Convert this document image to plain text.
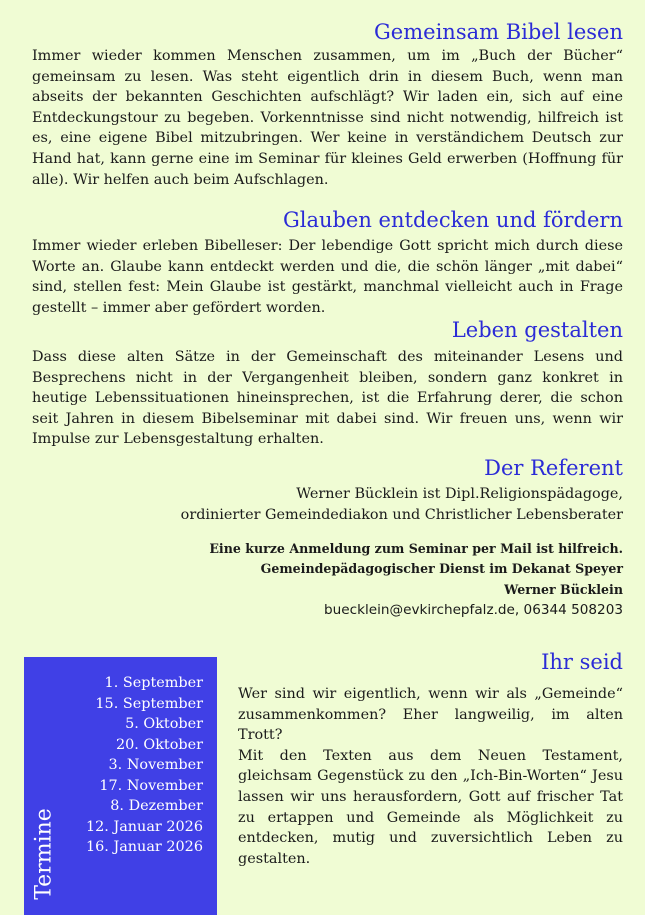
Gemeinsam Bibel lesen

Immer wieder kommen Menschen zusammen, um im „Buch der Bücher“ gemeinsam zu lesen. Was steht eigentlich drin in diesem Buch, wenn man abseits der bekannten Geschichten aufschlägt? Wir laden ein, sich auf eine Entdeckungstour zu begeben. Vorkenntnisse sind nicht notwendig, hilfreich ist es, eine eigene Bibel mitzubringen. Wer keine in verständichem Deutsch zur Hand hat, kann gerne eine im Seminar für kleines Geld erwerben (Hoffnung für alle). Wir helfen auch beim Aufschlagen.

Glauben entdecken und fördern

Immer wieder erleben Bibelleser: Der lebendige Gott spricht mich durch diese Worte an. Glaube kann entdeckt werden und die, die schön länger „mit dabei“ sind, stellen fest: Mein Glaube ist gestärkt, manchmal vielleicht auch in Frage gestellt – immer aber gefördert worden.

Leben gestalten

Dass diese alten Sätze in der Gemeinschaft des miteinander Lesens und Besprechens nicht in der Vergangenheit bleiben, sondern ganz konkret in heutige Lebenssituationen hineinsprechen, ist die Erfahrung derer, die schon seit Jahren in diesem Bibelseminar mit dabei sind. Wir freuen uns, wenn wir Impulse zur Lebensgestaltung erhalten.

Der Referent
Werner Bücklein ist Dipl.Religionspädagoge,
ordinierter Gemeindediakon und Christlicher Lebensberater
Eine kurze Anmeldung zum Seminar per Mail ist hilfreich.
Gemeindepädagogischer Dienst im Dekanat Speyer
Werner Bücklein
buecklein@evkirchepfalz.de, 06344 508203
1. September
15. September
5. Oktober
20. Oktober
3. November
17. November
8. Dezember
12. Januar 2026
16. Januar 2026
Termine
Ihr seid

Wer sind wir eigentlich, wenn wir als „Gemeinde“ zusammenkommen? Eher langweilig, im alten Trott?

Mit den Texten aus dem Neuen Testament, gleichsam Gegenstück zu den „Ich-Bin-Worten“ Jesu lassen wir uns herausfordern, Gott auf frischer Tat zu ertappen und Gemeinde als Möglichkeit zu entdecken, mutig und zuversichtlich Leben zu gestalten.
